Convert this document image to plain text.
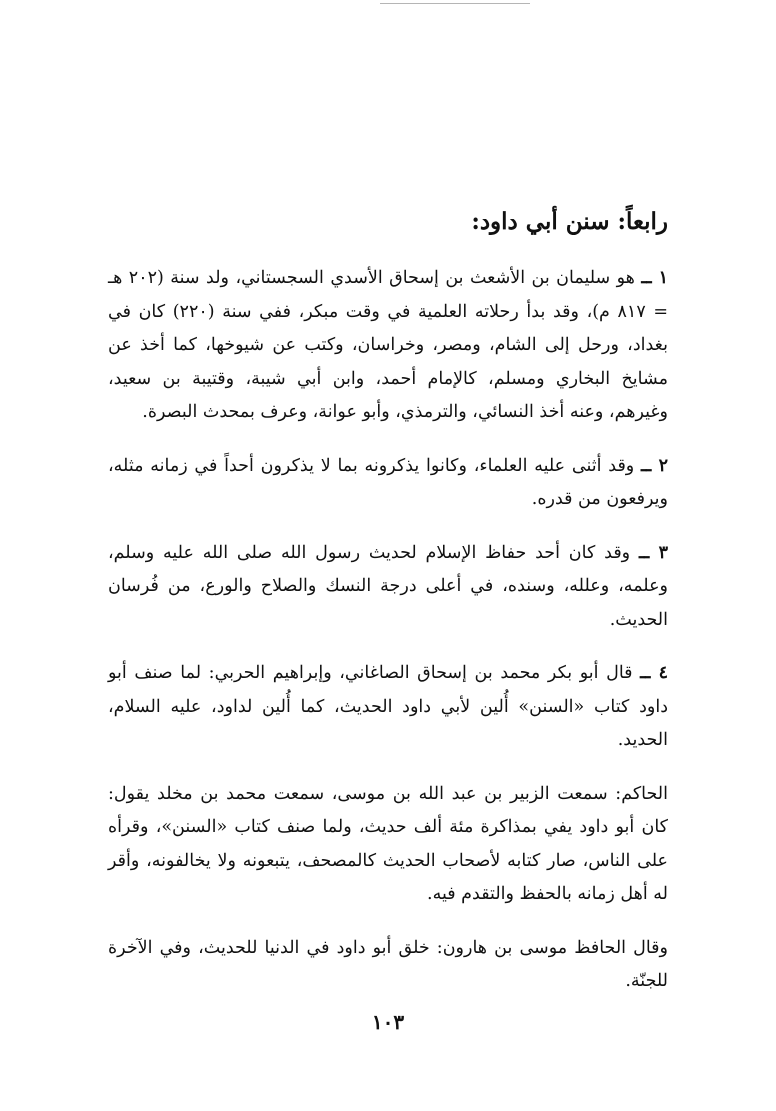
رابعاً: سنن أبي داود:

١ ــ هو سليمان بن الأشعث بن إسحاق الأسدي السجستاني، ولد سنة (٢٠٢ هـ = ٨١٧ م)، وقد بدأ رحلاته العلمية في وقت مبكر، ففي سنة (٢٢٠) كان في بغداد، ورحل إلى الشام، ومصر، وخراسان، وكتب عن شيوخها، كما أخذ عن مشايخ البخاري ومسلم، كالإمام أحمد، وابن أبي شيبة، وقتيبة بن سعيد، وغيرهم، وعنه أخذ النسائي، والترمذي، وأبو عوانة، وعرف بمحدث البصرة.

٢ ــ وقد أثنى عليه العلماء، وكانوا يذكرونه بما لا يذكرون أحداً في زمانه مثله، ويرفعون من قدره.

٣ ــ وقد كان أحد حفاظ الإسلام لحديث رسول الله صلى الله عليه وسلم، وعلمه، وعلله، وسنده، في أعلى درجة النسك والصلاح والورع، من فُرسان الحديث.

٤ ــ قال أبو بكر محمد بن إسحاق الصاغاني، وإبراهيم الحربي: لما صنف أبو داود كتاب «السنن» أُلين لأبي داود الحديث، كما أُلين لداود، عليه السلام، الحديد.

الحاكم: سمعت الزبير بن عبد الله بن موسى، سمعت محمد بن مخلد يقول: كان أبو داود يفي بمذاكرة مئة ألف حديث، ولما صنف كتاب «السنن»، وقرأه على الناس، صار كتابه لأصحاب الحديث كالمصحف، يتبعونه ولا يخالفونه، وأقر له أهل زمانه بالحفظ والتقدم فيه.

وقال الحافظ موسى بن هارون: خلق أبو داود في الدنيا للحديث، وفي الآخرة للجنّة.

١٠٣
